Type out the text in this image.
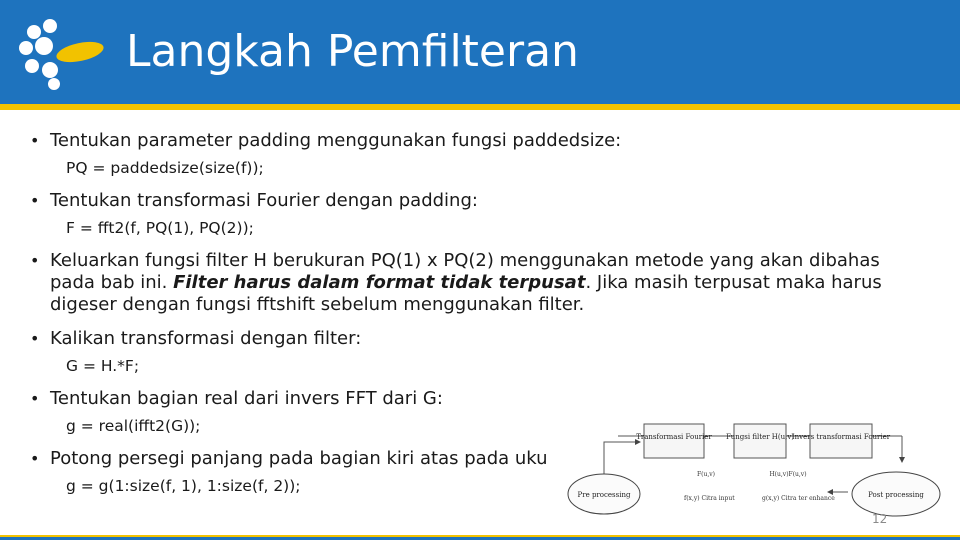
Langkah Pemfilteran
• Tentukan parameter padding menggunakan fungsi paddedsize:
PQ = paddedsize(size(f));
• Tentukan transformasi Fourier dengan padding:
F = fft2(f, PQ(1), PQ(2));
• Keluarkan fungsi filter H berukuran PQ(1) x PQ(2) menggunakan metode yang akan dibahas pada bab ini. Filter harus dalam format tidak terpusat. Jika masih terpusat maka harus digeser dengan fungsi fftshift sebelum menggunakan filter.
• Kalikan transformasi dengan filter:
G = H.*F;
• Tentukan bagian real dari invers FFT dari G:
g = real(ifft2(G));
• Potong persegi panjang pada bagian kiri atas pada uku
g = g(1:size(f, 1), 1:size(f, 2));
Transformasi Fourier Fungsi filter H(u,v)
Invers transformasi Fourier
Pre processing	Post processing
F(u,v)	H(u,v)F(u,v)
f(x,y) Citra input	g(x,y) Citra ter enhance
12
